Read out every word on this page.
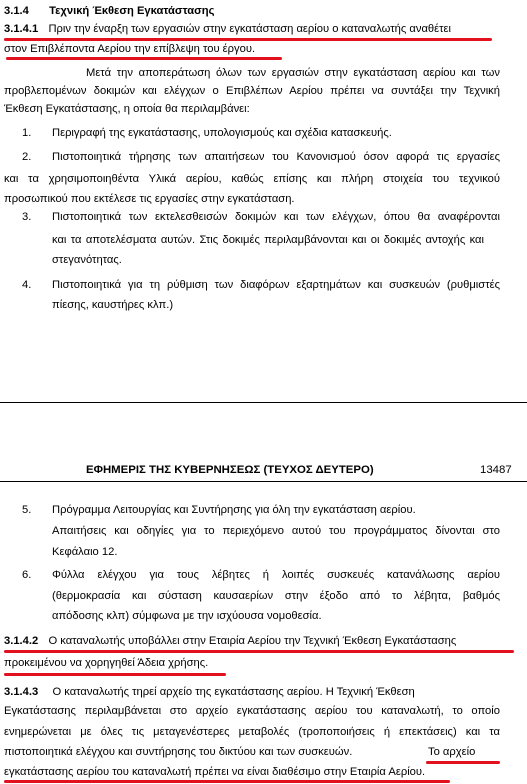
3.1.4 Τεχνική Έκθεση Εγκατάστασης
3.1.4.1 Πριν την έναρξη των εργασιών στην εγκατάσταση αερίου ο καταναλωτής αναθέτει
στον Επιβλέποντα Αερίου την επίβλεψη του έργου.
Μετά την αποπεράτωση όλων των εργασιών στην εγκατάσταση αερίου και των
προβλεπομένων δοκιμών και ελέγχων ο Επιβλέπων Αερίου πρέπει να συντάξει την Τεχνική
Έκθεση Εγκατάστασης, η οποία θα περιλαμβάνει:
1. Περιγραφή της εγκατάστασης, υπολογισμούς και σχέδια κατασκευής.
2. Πιστοποιητικά τήρησης των απαιτήσεων του Κανονισμού όσον αφορά τις εργασίες
και τα χρησιμοποιηθέντα Υλικά αερίου, καθώς επίσης και πλήρη στοιχεία του τεχνικού
προσωπικού που εκτέλεσε τις εργασίες στην εγκατάσταση.
3. Πιστοποιητικά των εκτελεσθεισών δοκιμών και των ελέγχων, όπου θα αναφέρονται
και τα αποτελέσματα αυτών. Στις δοκιμές περιλαμβάνονται και οι δοκιμές αντοχής και
στεγανότητας.
4. Πιστοποιητικά για τη ρύθμιση των διαφόρων εξαρτημάτων και συσκευών (ρυθμιστές
πίεσης, καυστήρες κλπ.)
ΕΦΗΜΕΡΙΣ ΤΗΣ ΚΥΒΕΡΝΗΣΕΩΣ (ΤΕΥΧΟΣ ΔΕΥΤΕΡΟ)	13487
5. Πρόγραμμα Λειτουργίας και Συντήρησης για όλη την εγκατάσταση αερίου.
Απαιτήσεις και οδηγίες για το περιεχόμενο αυτού του προγράμματος δίνονται στο
Κεφάλαιο 12.
6. Φύλλα ελέγχου για τους λέβητες ή λοιπές συσκευές κατανάλωσης αερίου
(θερμοκρασία και σύσταση καυσαερίων στην έξοδο από το λέβητα, βαθμός
απόδοσης κλπ) σύμφωνα με την ισχύουσα νομοθεσία.
3.1.4.2 Ο καταναλωτής υποβάλλει στην Εταιρία Αερίου την Τεχνική Έκθεση Εγκατάστασης
προκειμένου να χορηγηθεί Άδεια χρήσης.
3.1.4.3 Ο καταναλωτής τηρεί αρχείο της εγκατάστασης αερίου. Η Τεχνική Έκθεση
Εγκατάστασης περιλαμβάνεται στο αρχείο εγκατάστασης αερίου του καταναλωτή, το οποίο
ενημερώνεται με όλες τις μεταγενέστερες μεταβολές (τροποποιήσεις ή επεκτάσεις) και τα
πιστοποιητικά ελέγχου και συντήρησης του δικτύου και των συσκευών.	Το αρχείο
εγκατάστασης αερίου του καταναλωτή πρέπει να είναι διαθέσιμο στην Εταιρία Αερίου.
